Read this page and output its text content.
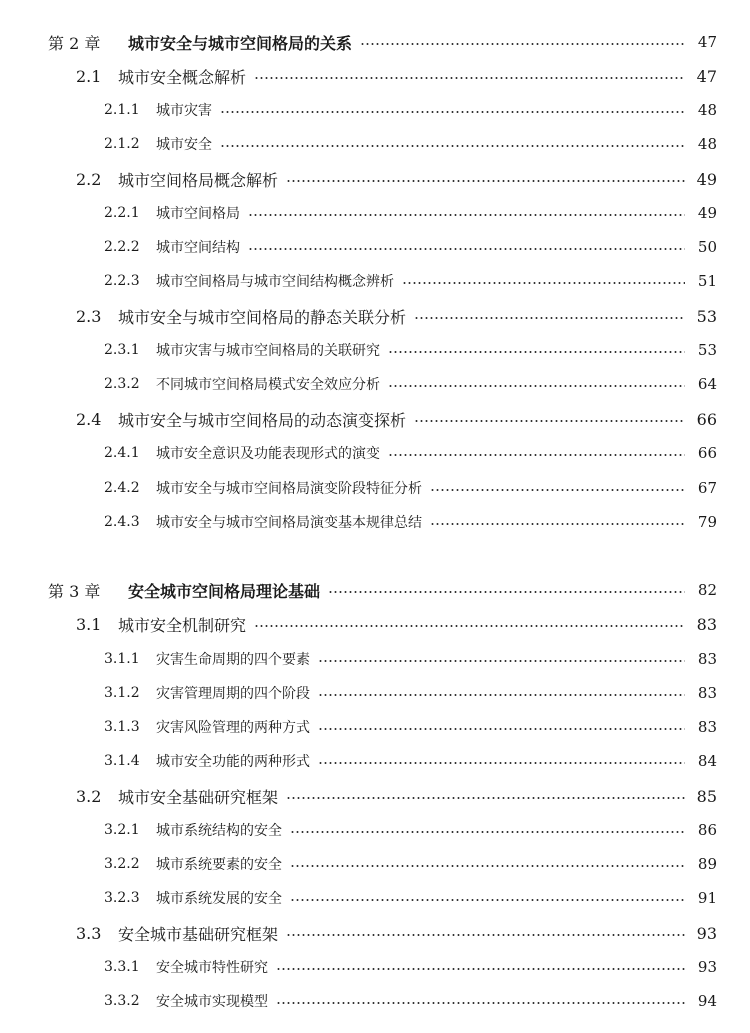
第 2 章	城市安全与城市空间格局的关系	47
2.1	城市安全概念解析	47
2.1.1	城市灾害	48
2.1.2	城市安全	48
2.2	城市空间格局概念解析	49
2.2.1	城市空间格局	49
2.2.2	城市空间结构	50
2.2.3	城市空间格局与城市空间结构概念辨析	51
2.3	城市安全与城市空间格局的静态关联分析	53
2.3.1	城市灾害与城市空间格局的关联研究	53
2.3.2	不同城市空间格局模式安全效应分析	64
2.4	城市安全与城市空间格局的动态演变探析	66
2.4.1	城市安全意识及功能表现形式的演变	66
2.4.2	城市安全与城市空间格局演变阶段特征分析	67
2.4.3	城市安全与城市空间格局演变基本规律总结	79
第 3 章	安全城市空间格局理论基础	82
3.1	城市安全机制研究	83
3.1.1	灾害生命周期的四个要素	83
3.1.2	灾害管理周期的四个阶段	83
3.1.3	灾害风险管理的两种方式	83
3.1.4	城市安全功能的两种形式	84
3.2	城市安全基础研究框架	85
3.2.1	城市系统结构的安全	86
3.2.2	城市系统要素的安全	89
3.2.3	城市系统发展的安全	91
3.3	安全城市基础研究框架	93
3.3.1	安全城市特性研究	93
3.3.2	安全城市实现模型	94
